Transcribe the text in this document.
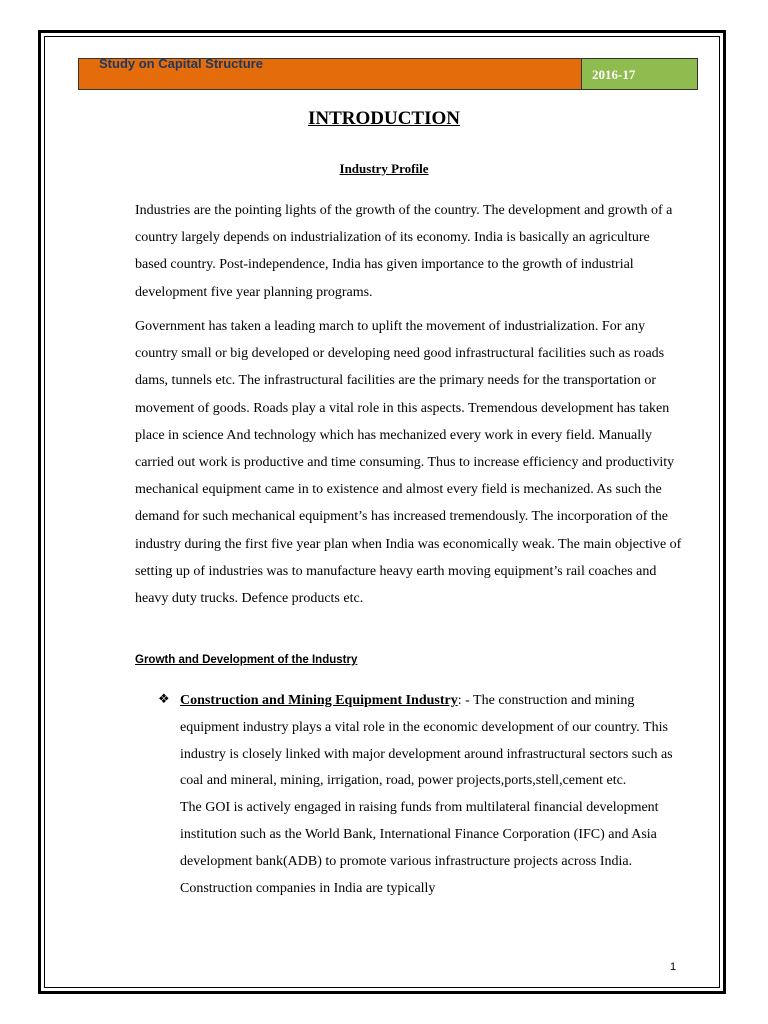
Study on Capital Structure
2016-17
INTRODUCTION
Industry Profile

Industries are the pointing lights of the growth of the country. The development and growth of a country largely depends on industrialization of its economy. India is basically an agriculture based country. Post-independence, India has given importance to the growth of industrial development five year planning programs.

Government has taken a leading march to uplift the movement of industrialization. For any country small or big developed or developing need good infrastructural facilities such as roads dams, tunnels etc. The infrastructural facilities are the primary needs for the transportation or movement of goods. Roads play a vital role in this aspects. Tremendous development has taken place in science And technology which has mechanized every work in every field. Manually carried out work is productive and time consuming. Thus to increase efficiency and productivity mechanical equipment came in to existence and almost every field is mechanized. As such the demand for such mechanical equipment’s has increased tremendously. The incorporation of the industry during the first five year plan when India was economically weak. The main objective of setting up of industries was to manufacture heavy earth moving equipment’s rail coaches and heavy duty trucks. Defence products etc.

Growth and Development of the Industry
❖ Construction and Mining Equipment Industry: - The construction and mining equipment industry plays a vital role in the economic development of our country. This industry is closely linked with major development around infrastructural sectors such as coal and mineral, mining, irrigation, road, power projects,ports,stell,cement etc.
The GOI is actively engaged in raising funds from multilateral financial development institution such as the World Bank, International Finance Corporation (IFC) and Asia development bank(ADB) to promote various infrastructure projects across India. Construction companies in India are typically

1
